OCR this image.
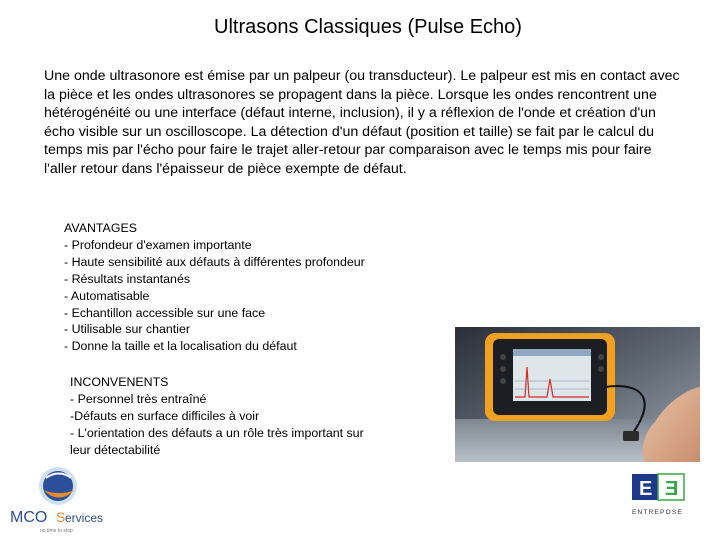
Ultrasons Classiques (Pulse Echo)

Une onde ultrasonore est émise par un palpeur (ou transducteur). Le palpeur est mis en contact avec la pièce et les ondes ultrasonores se propagent dans la pièce. Lorsque les ondes rencontrent une hétérogénéité ou une interface (défaut interne, inclusion), il y a réflexion de l'onde et création d'un écho visible sur un oscilloscope. La détection d'un défaut (position et taille) se fait par le calcul du temps mis par l'écho pour faire le trajet aller-retour par comparaison avec le temps mis pour faire l'aller retour dans l'épaisseur de pièce exempte de défaut.

AVANTAGES
- Profondeur d'examen importante
- Haute sensibilité aux défauts à différentes profondeur
- Résultats instantanés
- Automatisable
- Echantillon accessible sur une face
- Utilisable sur chantier
- Donne la taille et la localisation du défaut
INCONVENENTS
- Personnel très entraîné
-Défauts en surface difficiles à voir
- L'orientation des défauts a un rôle très important sur
leur détectabilité
MCO S ervices
no time to stop
E Ǝ
ENTREPOSE
